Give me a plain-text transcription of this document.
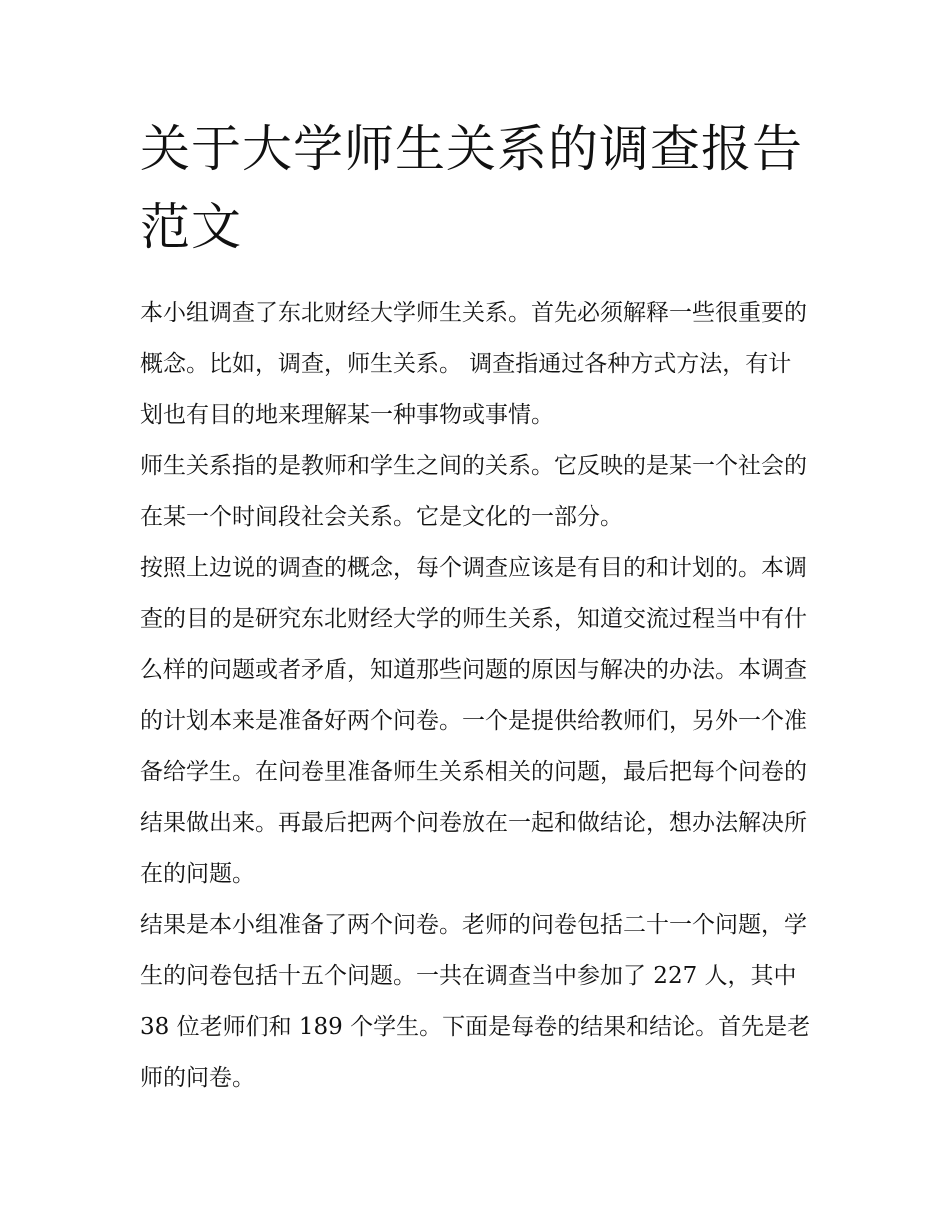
关于大学师生关系的调查报告范文

本小组调查了东北财经大学师生关系。首先必须解释一些很重要的概念。比如，调查，师生关系。 调查指通过各种方式方法，有计划也有目的地来理解某一种事物或事情。

师生关系指的是教师和学生之间的关系。它反映的是某一个社会的在某一个时间段社会关系。它是文化的一部分。

按照上边说的调查的概念，每个调查应该是有目的和计划的。本调查的目的是研究东北财经大学的师生关系，知道交流过程当中有什么样的问题或者矛盾，知道那些问题的原因与解决的办法。本调查的计划本来是准备好两个问卷。一个是提供给教师们，另外一个准备给学生。在问卷里准备师生关系相关的问题，最后把每个问卷的结果做出来。再最后把两个问卷放在一起和做结论，想办法解决所在的问题。

结果是本小组准备了两个问卷。老师的问卷包括二十一个问题，学生的问卷包括十五个问题。一共在调查当中参加了 227 人，其中 38 位老师们和 189 个学生。下面是每卷的结果和结论。首先是老师的问卷。
